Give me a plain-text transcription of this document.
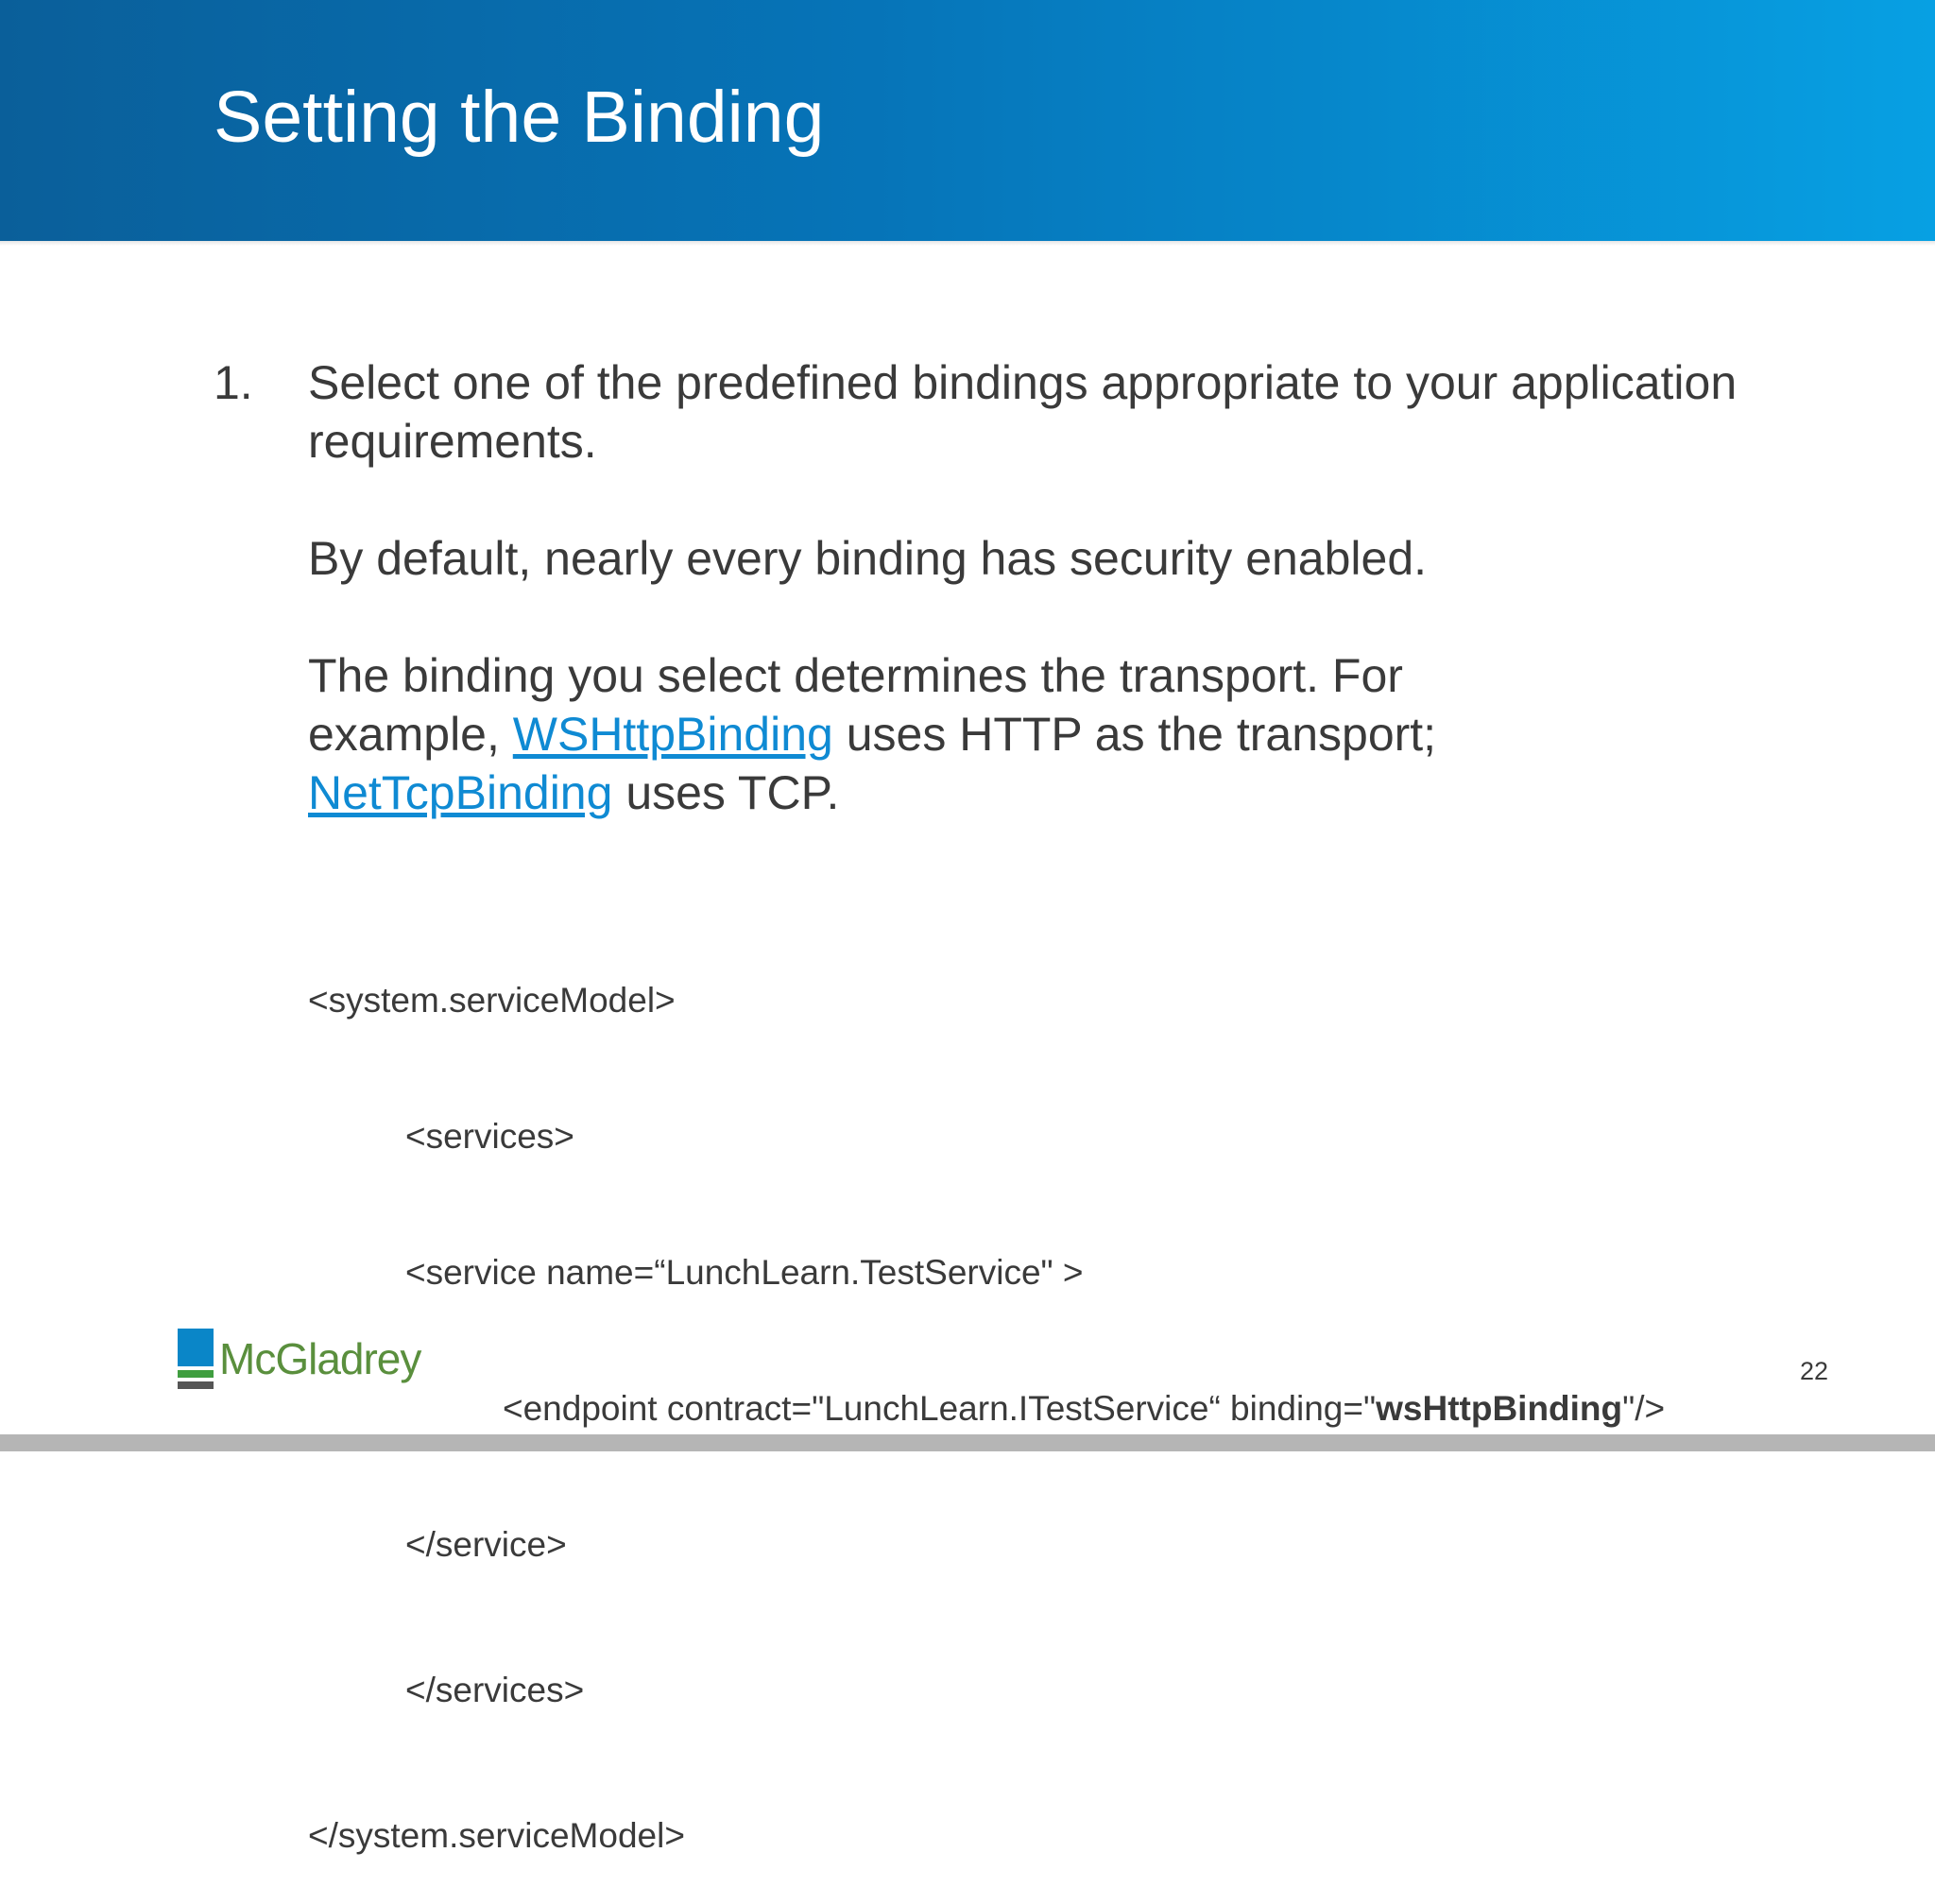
Setting the Binding
1. Select one of the predefined bindings appropriate to your application requirements.

By default, nearly every binding has security enabled.

The binding you select determines the transport. For example, WSHttpBinding uses HTTP as the transport; NetTcpBinding uses TCP.

<system.serviceModel>

<services>

<service name=“LunchLearn.TestService" >

<endpoint contract="LunchLearn.ITestService“ binding="wsHttpBinding"/>

</service>

</services>

</system.serviceModel>

McGladrey	22
